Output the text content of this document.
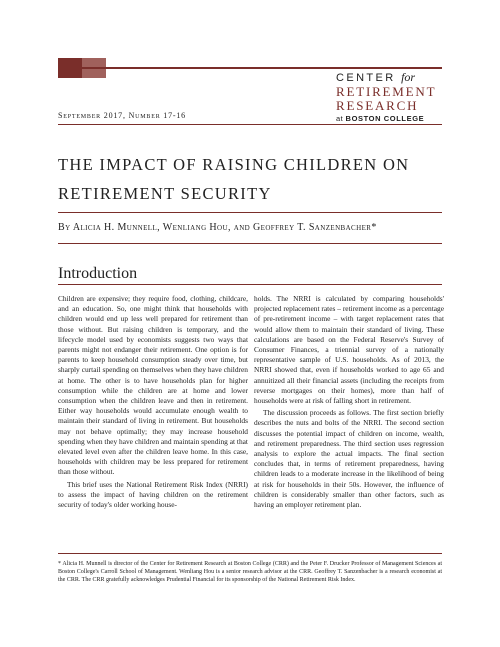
CENTER for
RETIREMENT
RESEARCH
at BOSTON COLLEGE
September 2017, Number 17-16
THE IMPACT OF RAISING CHILDREN ON
RETIREMENT SECURITY
By Alicia H. Munnell, Wenliang Hou, and Geoffrey T. Sanzenbacher*
Introduction

Children are expensive; they require food, clothing, childcare, and an education. So, one might think that households with children would end up less well prepared for retirement than those without. But raising children is temporary, and the lifecycle model used by economists suggests two ways that parents might not endanger their retirement. One option is for parents to keep household consumption steady over time, but sharply curtail spending on themselves when they have children at home. The other is to have households plan for higher consumption while the children are at home and lower consumption when the children leave and then in retirement. Either way households would accumulate enough wealth to maintain their standard of living in retirement. But households may not behave optimally; they may increase household spending when they have children and maintain spending at that elevated level even after the children leave home. In this case, households with children may be less prepared for retirement than those without.

This brief uses the National Retirement Risk Index (NRRI) to assess the impact of having children on the retirement security of today's older working house-

holds. The NRRI is calculated by comparing households' projected replacement rates – retirement income as a percentage of pre-retirement income – with target replacement rates that would allow them to maintain their standard of living. These calculations are based on the Federal Reserve's Survey of Consumer Finances, a triennial survey of a nationally representative sample of U.S. households. As of 2013, the NRRI showed that, even if households worked to age 65 and annuitized all their financial assets (including the receipts from reverse mortgages on their homes), more than half of households were at risk of falling short in retirement.

The discussion proceeds as follows. The first section briefly describes the nuts and bolts of the NRRI. The second section discusses the potential impact of children on income, wealth, and retirement preparedness. The third section uses regression analysis to explore the actual impacts. The final section concludes that, in terms of retirement preparedness, having children leads to a moderate increase in the likelihood of being at risk for households in their 50s. However, the influence of children is considerably smaller than other factors, such as having an employer retirement plan.

* Alicia H. Munnell is director of the Center for Retirement Research at Boston College (CRR) and the Peter F. Drucker Professor of Management Sciences at Boston College's Carroll School of Management. Wenliang Hou is a senior research advisor at the CRR. Geoffrey T. Sanzenbacher is a research economist at the CRR. The CRR gratefully acknowledges Prudential Financial for its sponsorship of the National Retirement Risk Index.
